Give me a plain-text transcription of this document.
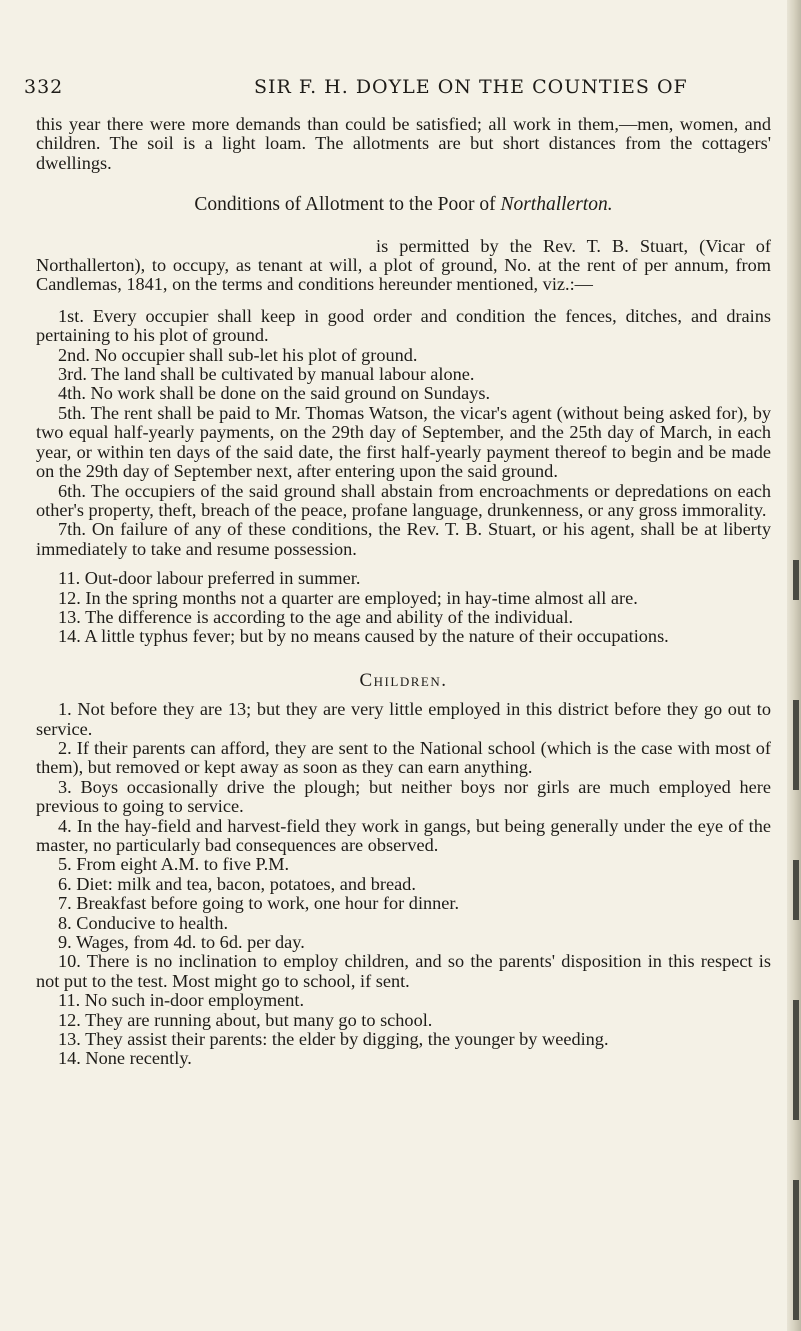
332	SIR F. H. DOYLE ON THE COUNTIES OF

this year there were more demands than could be satisfied; all work in them,—men, women, and children. The soil is a light loam. The allotments are but short distances from the cottagers' dwellings.

Conditions of Allotment to the Poor of Northallerton.

is permitted by the Rev. T. B. Stuart, (Vicar of Northallerton), to occupy, as tenant at will, a plot of ground, No. at the rent of per annum, from Candlemas, 1841, on the terms and conditions hereunder mentioned, viz.:—

1st. Every occupier shall keep in good order and condition the fences, ditches, and drains pertaining to his plot of ground.

2nd. No occupier shall sub-let his plot of ground.

3rd. The land shall be cultivated by manual labour alone.

4th. No work shall be done on the said ground on Sundays.

5th. The rent shall be paid to Mr. Thomas Watson, the vicar's agent (without being asked for), by two equal half-yearly payments, on the 29th day of September, and the 25th day of March, in each year, or within ten days of the said date, the first half-yearly payment thereof to begin and be made on the 29th day of September next, after entering upon the said ground.

6th. The occupiers of the said ground shall abstain from encroachments or depredations on each other's property, theft, breach of the peace, profane language, drunkenness, or any gross immorality.

7th. On failure of any of these conditions, the Rev. T. B. Stuart, or his agent, shall be at liberty immediately to take and resume possession.

11. Out-door labour preferred in summer.

12. In the spring months not a quarter are employed; in hay-time almost all are.

13. The difference is according to the age and ability of the individual.

14. A little typhus fever; but by no means caused by the nature of their occupations.

Children.

1. Not before they are 13; but they are very little employed in this district before they go out to service.

2. If their parents can afford, they are sent to the National school (which is the case with most of them), but removed or kept away as soon as they can earn anything.

3. Boys occasionally drive the plough; but neither boys nor girls are much employed here previous to going to service.

4. In the hay-field and harvest-field they work in gangs, but being generally under the eye of the master, no particularly bad consequences are observed.

5. From eight A.M. to five P.M.

6. Diet: milk and tea, bacon, potatoes, and bread.

7. Breakfast before going to work, one hour for dinner.

8. Conducive to health.

9. Wages, from 4d. to 6d. per day.

10. There is no inclination to employ children, and so the parents' disposition in this respect is not put to the test. Most might go to school, if sent.

11. No such in-door employment.

12. They are running about, but many go to school.

13. They assist their parents: the elder by digging, the younger by weeding.

14. None recently.
